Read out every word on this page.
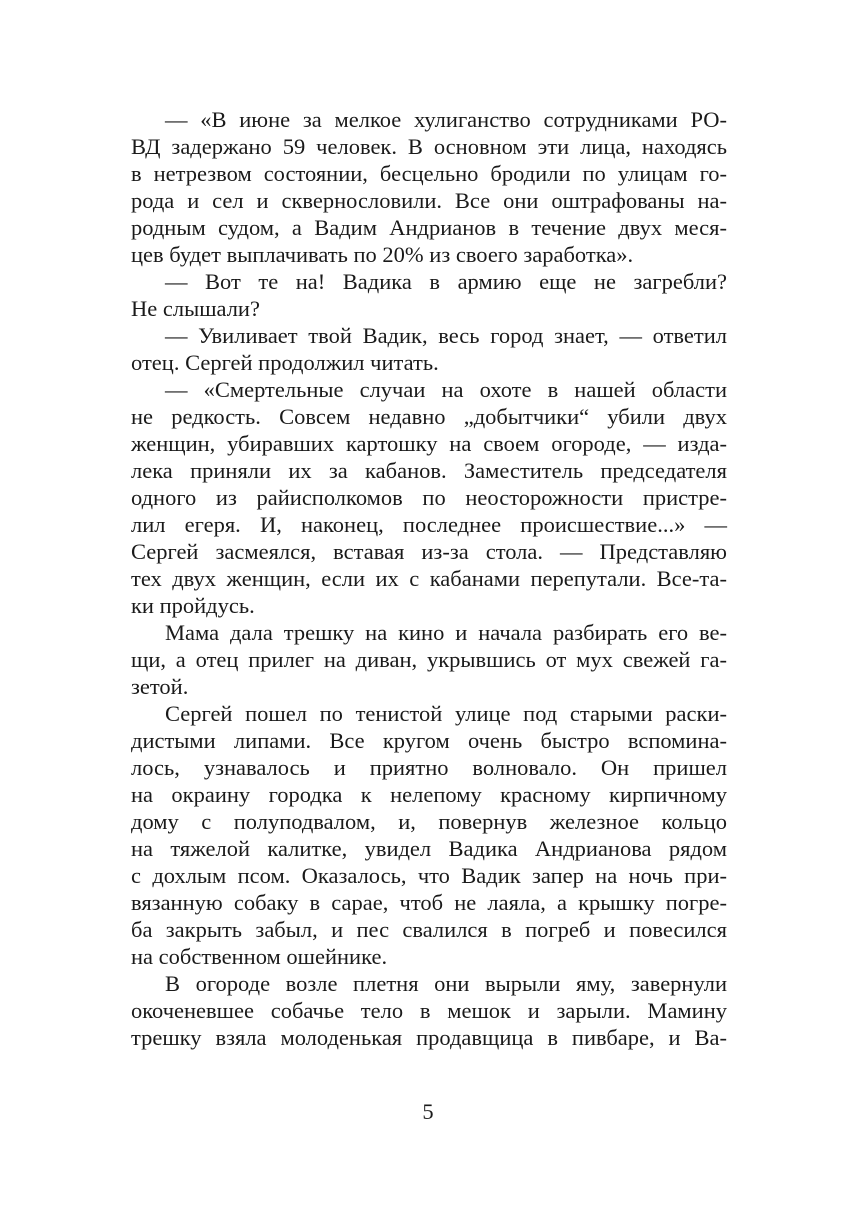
— «В июне за мелкое хулиганство сотрудниками РО-
ВД задержано 59 человек. В основном эти лица, находясь
в нетрезвом состоянии, бесцельно бродили по улицам го-
рода и сел и сквернословили. Все они оштрафованы на-
родным судом, а Вадим Андрианов в течение двух меся-
цев будет выплачивать по 20% из своего заработка».
— Вот те на! Вадика в армию еще не загребли?
Не слышали?
— Увиливает твой Вадик, весь город знает, — ответил
отец. Сергей продолжил читать.
— «Смертельные случаи на охоте в нашей области
не редкость. Совсем недавно „добытчики“ убили двух
женщин, убиравших картошку на своем огороде, — изда-
лека приняли их за кабанов. Заместитель председателя
одного из райисполкомов по неосторожности пристре-
лил егеря. И, наконец, последнее происшествие...» —
Сергей засмеялся, вставая из-за стола. — Представляю
тех двух женщин, если их с кабанами перепутали. Все-та-
ки пройдусь.
Мама дала трешку на кино и начала разбирать его ве-
щи, а отец прилег на диван, укрывшись от мух свежей га-
зетой.
Сергей пошел по тенистой улице под старыми раски-
дистыми липами. Все кругом очень быстро вспомина-
лось, узнавалось и приятно волновало. Он пришел
на окраину городка к нелепому красному кирпичному
дому с полуподвалом, и, повернув железное кольцо
на тяжелой калитке, увидел Вадика Андрианова рядом
с дохлым псом. Оказалось, что Вадик запер на ночь при-
вязанную собаку в сарае, чтоб не лаяла, а крышку погре-
ба закрыть забыл, и пес свалился в погреб и повесился
на собственном ошейнике.
В огороде возле плетня они вырыли яму, завернули
окоченевшее собачье тело в мешок и зарыли. Мамину
трешку взяла молоденькая продавщица в пивбаре, и Ва-
5
